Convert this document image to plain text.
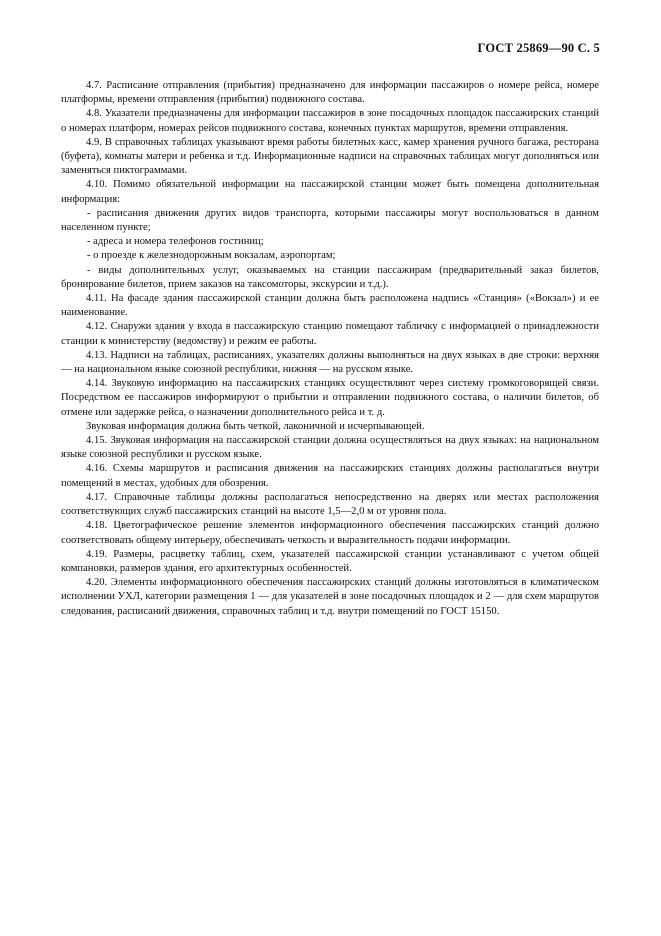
ГОСТ 25869—90 С. 5

4.7. Расписание отправления (прибытия) предназначено для информации пассажиров о номере рейса, номере платформы, времени отправления (прибытия) подвижного состава.

4.8. Указатели предназначены для информации пассажиров в зоне посадочных площадок пассажирских станций о номерах платформ, номерах рейсов подвижного состава, конечных пунктах маршрутов, времени отправления.

4.9. В справочных таблицах указывают время работы билетных касс, камер хранения ручного багажа, ресторана (буфета), комнаты матери и ребенка и т.д. Информационные надписи на справочных таблицах могут дополняться или заменяться пиктограммами.

4.10. Помимо обязательной информации на пассажирской станции может быть помещена дополнительная информация:

- расписания движения других видов транспорта, которыми пассажиры могут воспользоваться в данном населенном пункте;

- адреса и номера телефонов гостиниц;

- о проезде к железнодорожным вокзалам, аэропортам;

- виды дополнительных услуг, оказываемых на станции пассажирам (предварительный заказ билетов, бронирование билетов, прием заказов на таксомоторы, экскурсии и т.д.).

4.11. На фасаде здания пассажирской станции должна быть расположена надпись «Станция» («Вокзал») и ее наименование.

4.12. Снаружи здания у входа в пассажирскую станцию помещают табличку с информацией о принадлежности станции к министерству (ведомству) и режим ее работы.

4.13. Надписи на таблицах, расписаниях, указателях должны выполняться на двух языках в две строки: верхняя — на национальном языке союзной республики, нижняя — на русском языке.

4.14. Звуковую информацию на пассажирских станциях осуществляют через систему громкоговорящей связи. Посредством ее пассажиров информируют о прибытии и отправлении подвижного состава, о наличии билетов, об отмене или задержке рейса, о назначении дополнительного рейса и т. д.

Звуковая информация должна быть четкой, лаконичной и исчерпывающей.

4.15. Звуковая информация на пассажирской станции должна осуществляться на двух языках: на национальном языке союзной республики и русском языке.

4.16. Схемы маршрутов и расписания движения на пассажирских станциях должны располагаться внутри помещений в местах, удобных для обозрения.

4.17. Справочные таблицы должны располагаться непосредственно на дверях или местах расположения соответствующих служб пассажирских станций на высоте 1,5—2,0 м от уровня пола.

4.18. Цветографическое решение элементов информационного обеспечения пассажирских станций должно соответствовать общему интерьеру, обеспечивать четкость и выразительность подачи информации.

4.19. Размеры, расцветку таблиц, схем, указателей пассажирской станции устанавливают с учетом общей компановки, размеров здания, его архитектурных особенностей.

4.20. Элементы информационного обеспечения пассажирских станций должны изготовляться в климатическом исполнении УХЛ, категории размещения 1 — для указателей в зоне посадочных площадок и 2 — для схем маршрутов следования, расписаний движения, справочных таблиц и т.д. внутри помещений по ГОСТ 15150.
